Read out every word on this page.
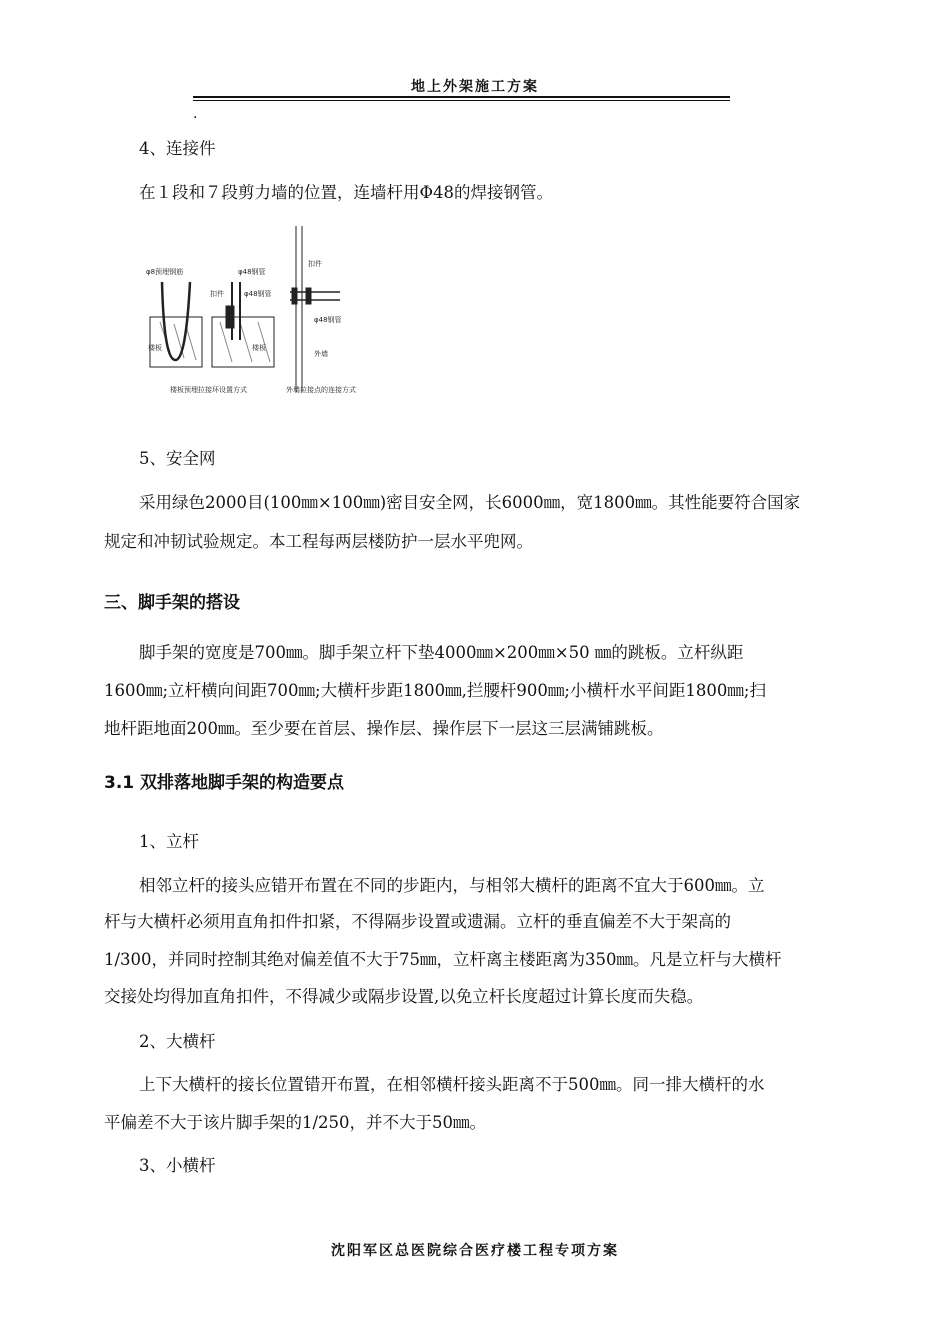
地上外架施工方案
.
4、连接件
在１段和７段剪力墙的位置，连墙杆用Φ48的焊接钢管。
φ8预埋钢筋
楼板
φ48钢管
扣件	φ48钢管
楼板
扣件
φ48钢管
外墙
楼板预埋拉接环设置方式	外墙拉接点的连接方式
5、安全网
采用绿色2000目(100㎜×100㎜)密目安全网，长6000㎜，宽1800㎜。其性能要符合国家
规定和冲韧试验规定。本工程每两层楼防护一层水平兜网。
三、脚手架的搭设
脚手架的宽度是700㎜。脚手架立杆下垫4000㎜×200㎜×50 ㎜的跳板。立杆纵距
1600㎜;立杆横向间距700㎜;大横杆步距1800㎜,拦腰杆900㎜;小横杆水平间距1800㎜;扫
地杆距地面200㎜。至少要在首层、操作层、操作层下一层这三层满铺跳板。
3.1 双排落地脚手架的构造要点
1、立杆
相邻立杆的接头应错开布置在不同的步距内，与相邻大横杆的距离不宜大于600㎜。立
杆与大横杆必须用直角扣件扣紧，不得隔步设置或遗漏。立杆的垂直偏差不大于架高的
1/300，并同时控制其绝对偏差值不大于75㎜，立杆离主楼距离为350㎜。凡是立杆与大横杆
交接处均得加直角扣件，不得减少或隔步设置,以免立杆长度超过计算长度而失稳。
2、大横杆
上下大横杆的接长位置错开布置，在相邻横杆接头距离不于500㎜。同一排大横杆的水
平偏差不大于该片脚手架的1/250，并不大于50㎜。
3、小横杆
沈阳军区总医院综合医疗楼工程专项方案
